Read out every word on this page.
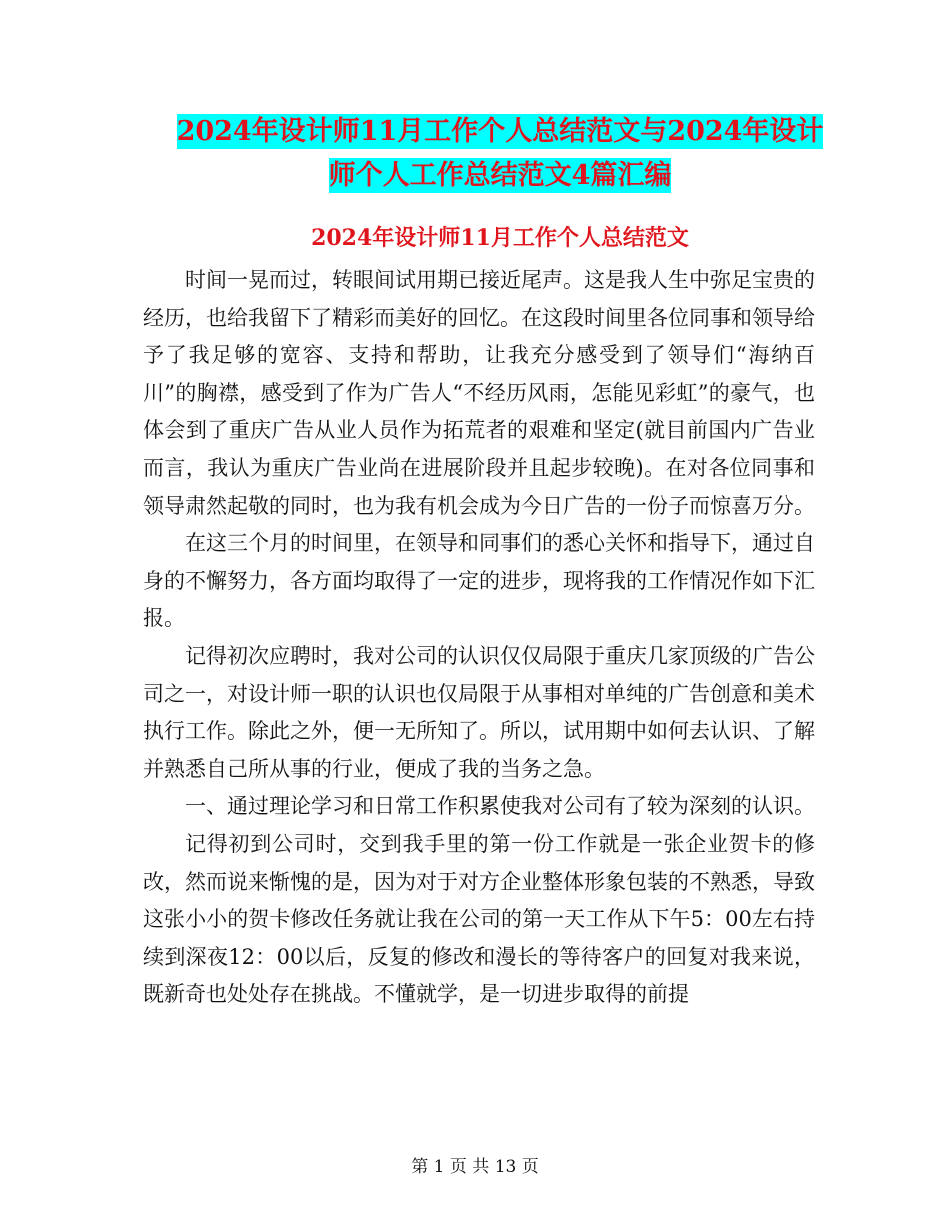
2024年设计师11月工作个人总结范文与2024年设计
师个人工作总结范文4篇汇编
2024年设计师11月工作个人总结范文

时间一晃而过，转眼间试用期已接近尾声。这是我人生中弥足宝贵的经历，也给我留下了精彩而美好的回忆。在这段时间里各位同事和领导给予了我足够的宽容、支持和帮助，让我充分感受到了领导们“海纳百川”的胸襟，感受到了作为广告人“不经历风雨，怎能见彩虹”的豪气，也体会到了重庆广告从业人员作为拓荒者的艰难和坚定(就目前国内广告业而言，我认为重庆广告业尚在进展阶段并且起步较晚)。在对各位同事和领导肃然起敬的同时，也为我有机会成为今日广告的一份子而惊喜万分。

在这三个月的时间里，在领导和同事们的悉心关怀和指导下，通过自身的不懈努力，各方面均取得了一定的进步，现将我的工作情况作如下汇报。

记得初次应聘时，我对公司的认识仅仅局限于重庆几家顶级的广告公司之一，对设计师一职的认识也仅局限于从事相对单纯的广告创意和美术执行工作。除此之外，便一无所知了。所以，试用期中如何去认识、了解并熟悉自己所从事的行业，便成了我的当务之急。

一、通过理论学习和日常工作积累使我对公司有了较为深刻的认识。

记得初到公司时，交到我手里的第一份工作就是一张企业贺卡的修改，然而说来惭愧的是，因为对于对方企业整体形象包装的不熟悉，导致这张小小的贺卡修改任务就让我在公司的第一天工作从下午5：00左右持续到深夜12：00以后，反复的修改和漫长的等待客户的回复对我来说，既新奇也处处存在挑战。不懂就学，是一切进步取得的前提

第 1 页 共 13 页
